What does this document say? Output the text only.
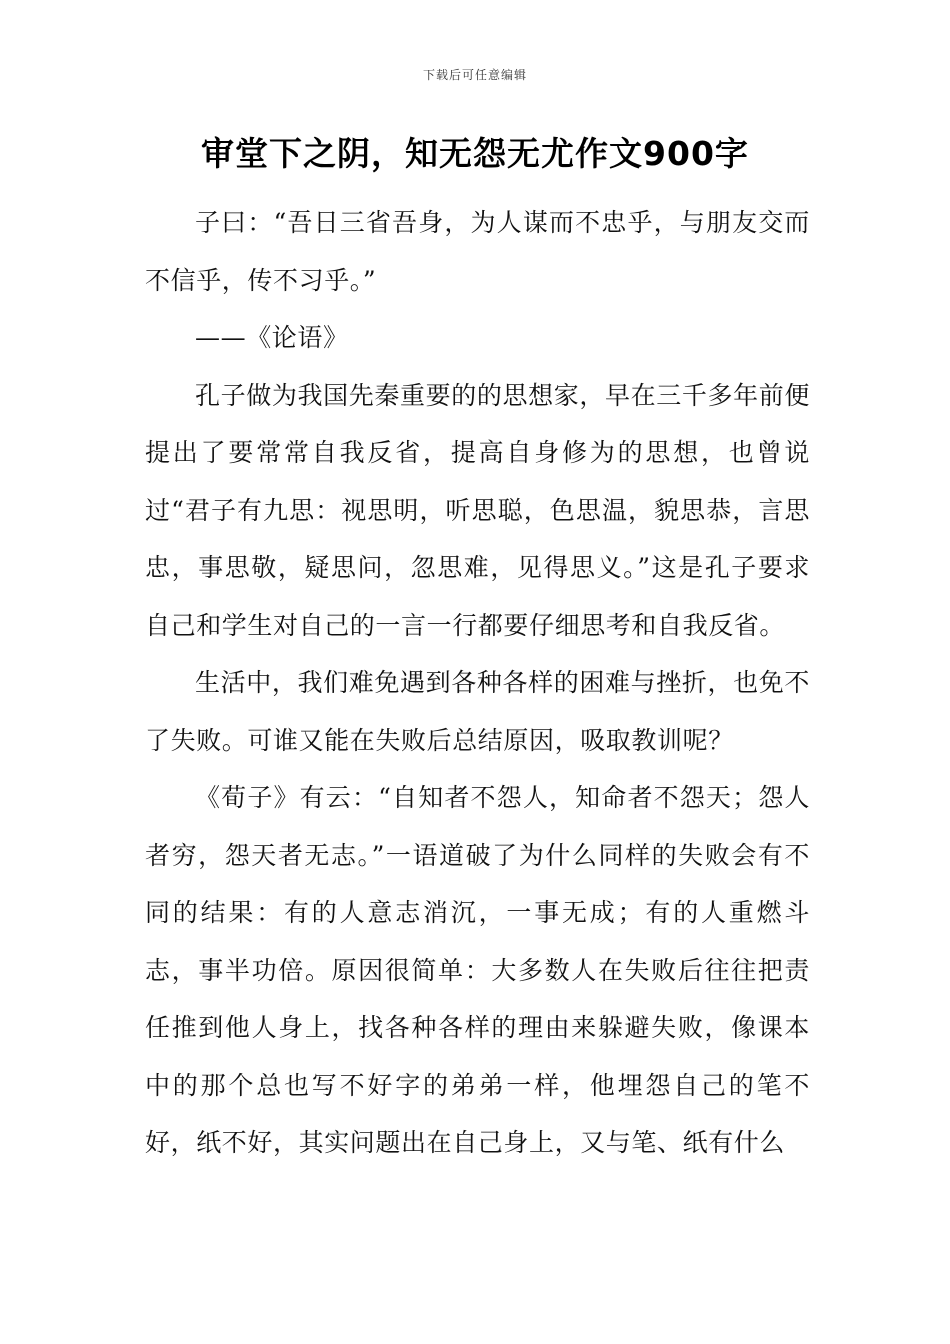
下载后可任意编辑
审堂下之阴，知无怨无尤作文900字

子曰：“吾日三省吾身，为人谋而不忠乎，与朋友交而不信乎，传不习乎。”

——《论语》

孔子做为我国先秦重要的的思想家，早在三千多年前便提出了要常常自我反省，提高自身修为的思想，也曾说过“君子有九思：视思明，听思聪，色思温，貌思恭，言思忠，事思敬，疑思问，忽思难，见得思义。”这是孔子要求自己和学生对自己的一言一行都要仔细思考和自我反省。

生活中，我们难免遇到各种各样的困难与挫折，也免不了失败。可谁又能在失败后总结原因，吸取教训呢？

《荀子》有云：“自知者不怨人，知命者不怨天；怨人者穷，怨天者无志。”一语道破了为什么同样的失败会有不同的结果：有的人意志消沉，一事无成；有的人重燃斗志，事半功倍。原因很简单：大多数人在失败后往往把责任推到他人身上，找各种各样的理由来躲避失败，像课本中的那个总也写不好字的弟弟一样，他埋怨自己的笔不好，纸不好，其实问题出在自己身上，又与笔、纸有什么
